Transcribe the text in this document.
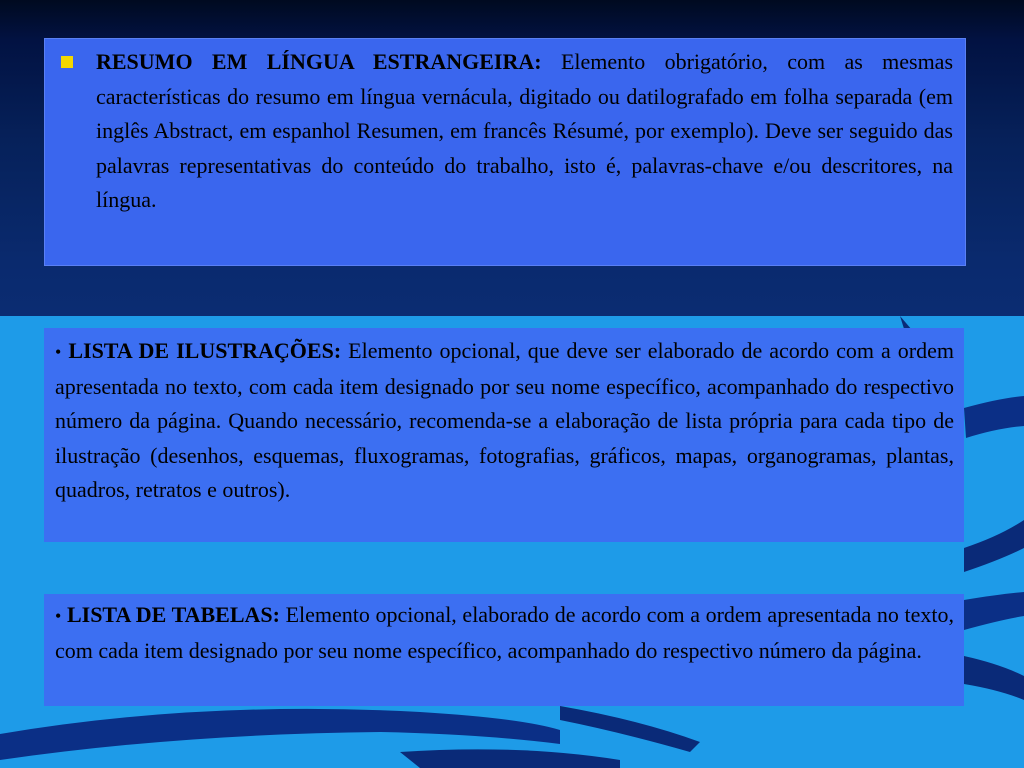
RESUMO EM LÍNGUA ESTRANGEIRA: Elemento obrigatório, com as mesmas características do resumo em língua vernácula, digitado ou datilografado em folha separada (em inglês Abstract, em espanhol Resumen, em francês Résumé, por exemplo). Deve ser seguido das palavras representativas do conteúdo do trabalho, isto é, palavras-chave e/ou descritores, na língua.

• LISTA DE ILUSTRAÇÕES: Elemento opcional, que deve ser elaborado de acordo com a ordem apresentada no texto, com cada item designado por seu nome específico, acompanhado do respectivo número da página. Quando necessário, recomenda-se a elaboração de lista própria para cada tipo de ilustração (desenhos, esquemas, fluxogramas, fotografias, gráficos, mapas, organogramas, plantas, quadros, retratos e outros).

• LISTA DE TABELAS: Elemento opcional, elaborado de acordo com a ordem apresentada no texto, com cada item designado por seu nome específico, acompanhado do respectivo número da página.
